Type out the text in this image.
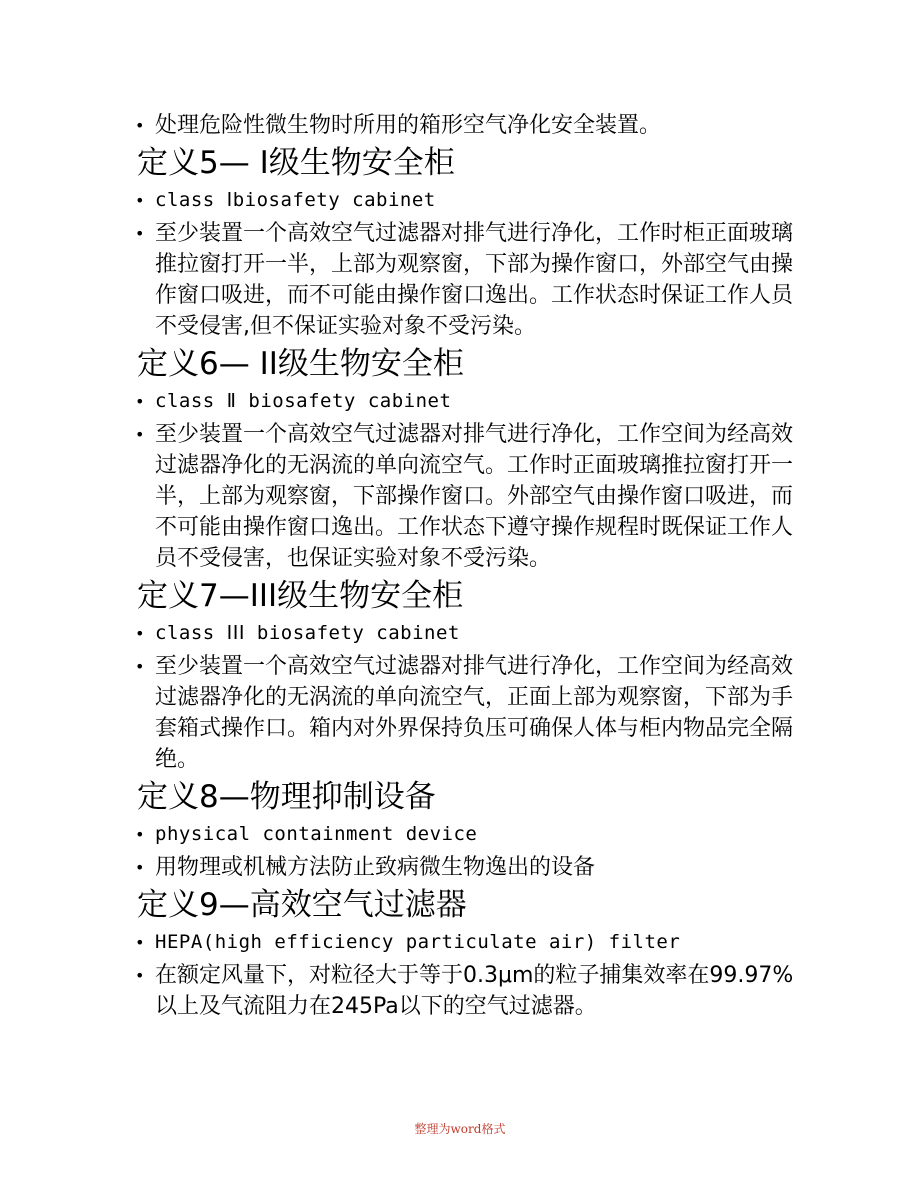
• 处理危险性微生物时所用的箱形空气净化安全装置。
定义5— Ⅰ级生物安全柜
• class Ⅰbiosafety cabinet
• 至少装置一个高效空气过滤器对排气进行净化，工作时柜正面玻璃推拉窗打开一半，上部为观察窗，下部为操作窗口，外部空气由操作窗口吸进，而不可能由操作窗口逸出。工作状态时保证工作人员不受侵害,但不保证实验对象不受污染。
定义6— ⅠⅠ级生物安全柜
• class Ⅱ biosafety cabinet
• 至少装置一个高效空气过滤器对排气进行净化，工作空间为经高效过滤器净化的无涡流的单向流空气。工作时正面玻璃推拉窗打开一半，上部为观察窗，下部操作窗口。外部空气由操作窗口吸进，而不可能由操作窗口逸出。工作状态下遵守操作规程时既保证工作人员不受侵害，也保证实验对象不受污染。
定义7—ⅠⅠⅠ级生物安全柜
• class ⅠⅠⅠ biosafety cabinet
• 至少装置一个高效空气过滤器对排气进行净化，工作空间为经高效过滤器净化的无涡流的单向流空气，正面上部为观察窗，下部为手套箱式操作口。箱内对外界保持负压可确保人体与柜内物品完全隔绝。
定义8—物理抑制设备
• physical containment device
• 用物理或机械方法防止致病微生物逸出的设备
定义9—高效空气过滤器
• HEPA(high efficiency particulate air) filter
• 在额定风量下，对粒径大于等于0.3μm的粒子捕集效率在99.97%以上及气流阻力在245Pa以下的空气过滤器。
整理为word格式
